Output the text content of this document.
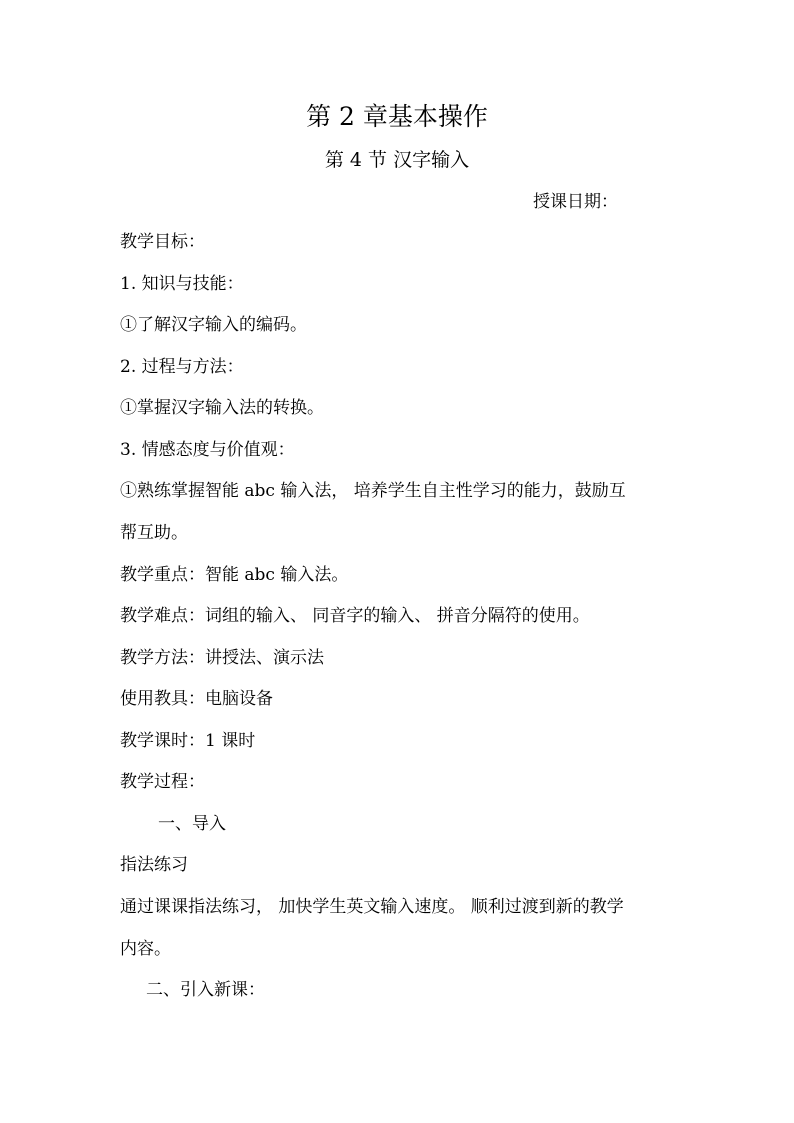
第 2 章基本操作
第 4 节 汉字输入
授课日期：
教学目标：
1. 知识与技能：
①了解汉字输入的编码。
2. 过程与方法：
①掌握汉字输入法的转换。
3. 情感态度与价值观：
①熟练掌握智能 abc 输入法， 培养学生自主性学习的能力，鼓励互
帮互助。
教学重点：智能 abc 输入法。
教学难点：词组的输入、 同音字的输入、 拼音分隔符的使用。
教学方法：讲授法、演示法
使用教具：电脑设备
教学课时：1 课时
教学过程：
一、导入
指法练习
通过课课指法练习， 加快学生英文输入速度。 顺利过渡到新的教学
内容。
二、引入新课：
